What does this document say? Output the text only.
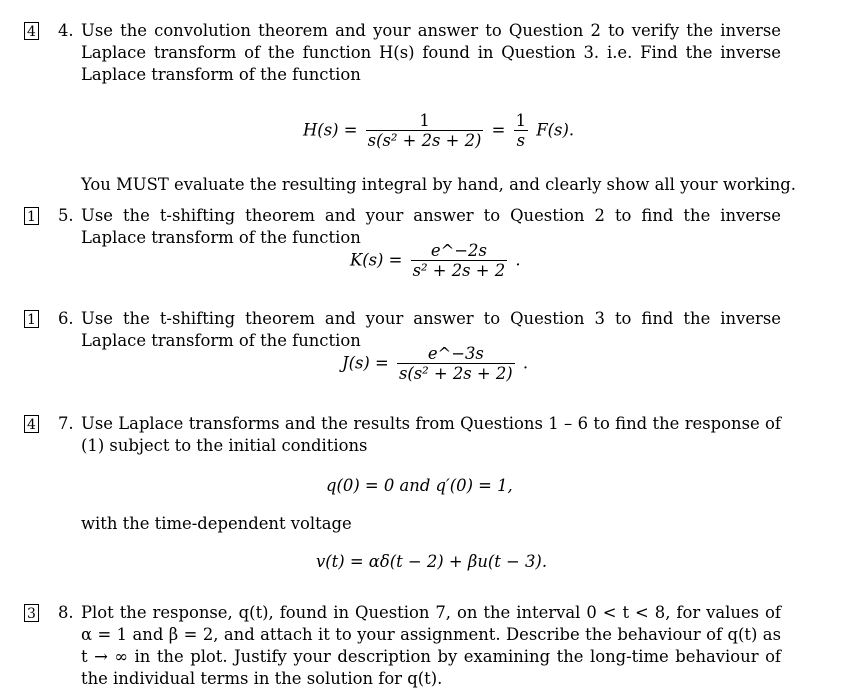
4 4. Use the convolution theorem and your answer to Question 2 to verify the inverse Laplace transform of the function H(s) found in Question 3. i.e. Find the inverse Laplace transform of the function
$H(s) = \frac{1}{\text{s(s² + 2s + 2)}} = \frac{1}{s} F(s)$.
You MUST evaluate the resulting integral by hand, and clearly show all your working.
1 5. Use the t-shifting theorem and your answer to Question 2 to find the inverse Laplace transform of the function
$K(s) = \frac{e\^{}-2s}{\text{s² + 2s + 2}}$ .
1 6. Use the t-shifting theorem and your answer to Question 3 to find the inverse Laplace transform of the function
$J(s) = \frac{e\^{}-3s}{\text{s(s² + 2s + 2)}}$ .
4 7. Use Laplace transforms and the results from Questions 1 – 6 to find the response of (1) subject to the initial conditions
q(0) = 0 and q′(0) = 1,
with the time-dependent voltage
v(t) = αδ(t − 2) + βu(t − 3).
3 8. Plot the response, q(t), found in Question 7, on the interval 0 < t < 8, for values of α = 1 and β = 2, and attach it to your assignment. Describe the behaviour of q(t) as t → ∞ in the plot. Justify your description by examining the long-time behaviour of the individual terms in the solution for q(t).
